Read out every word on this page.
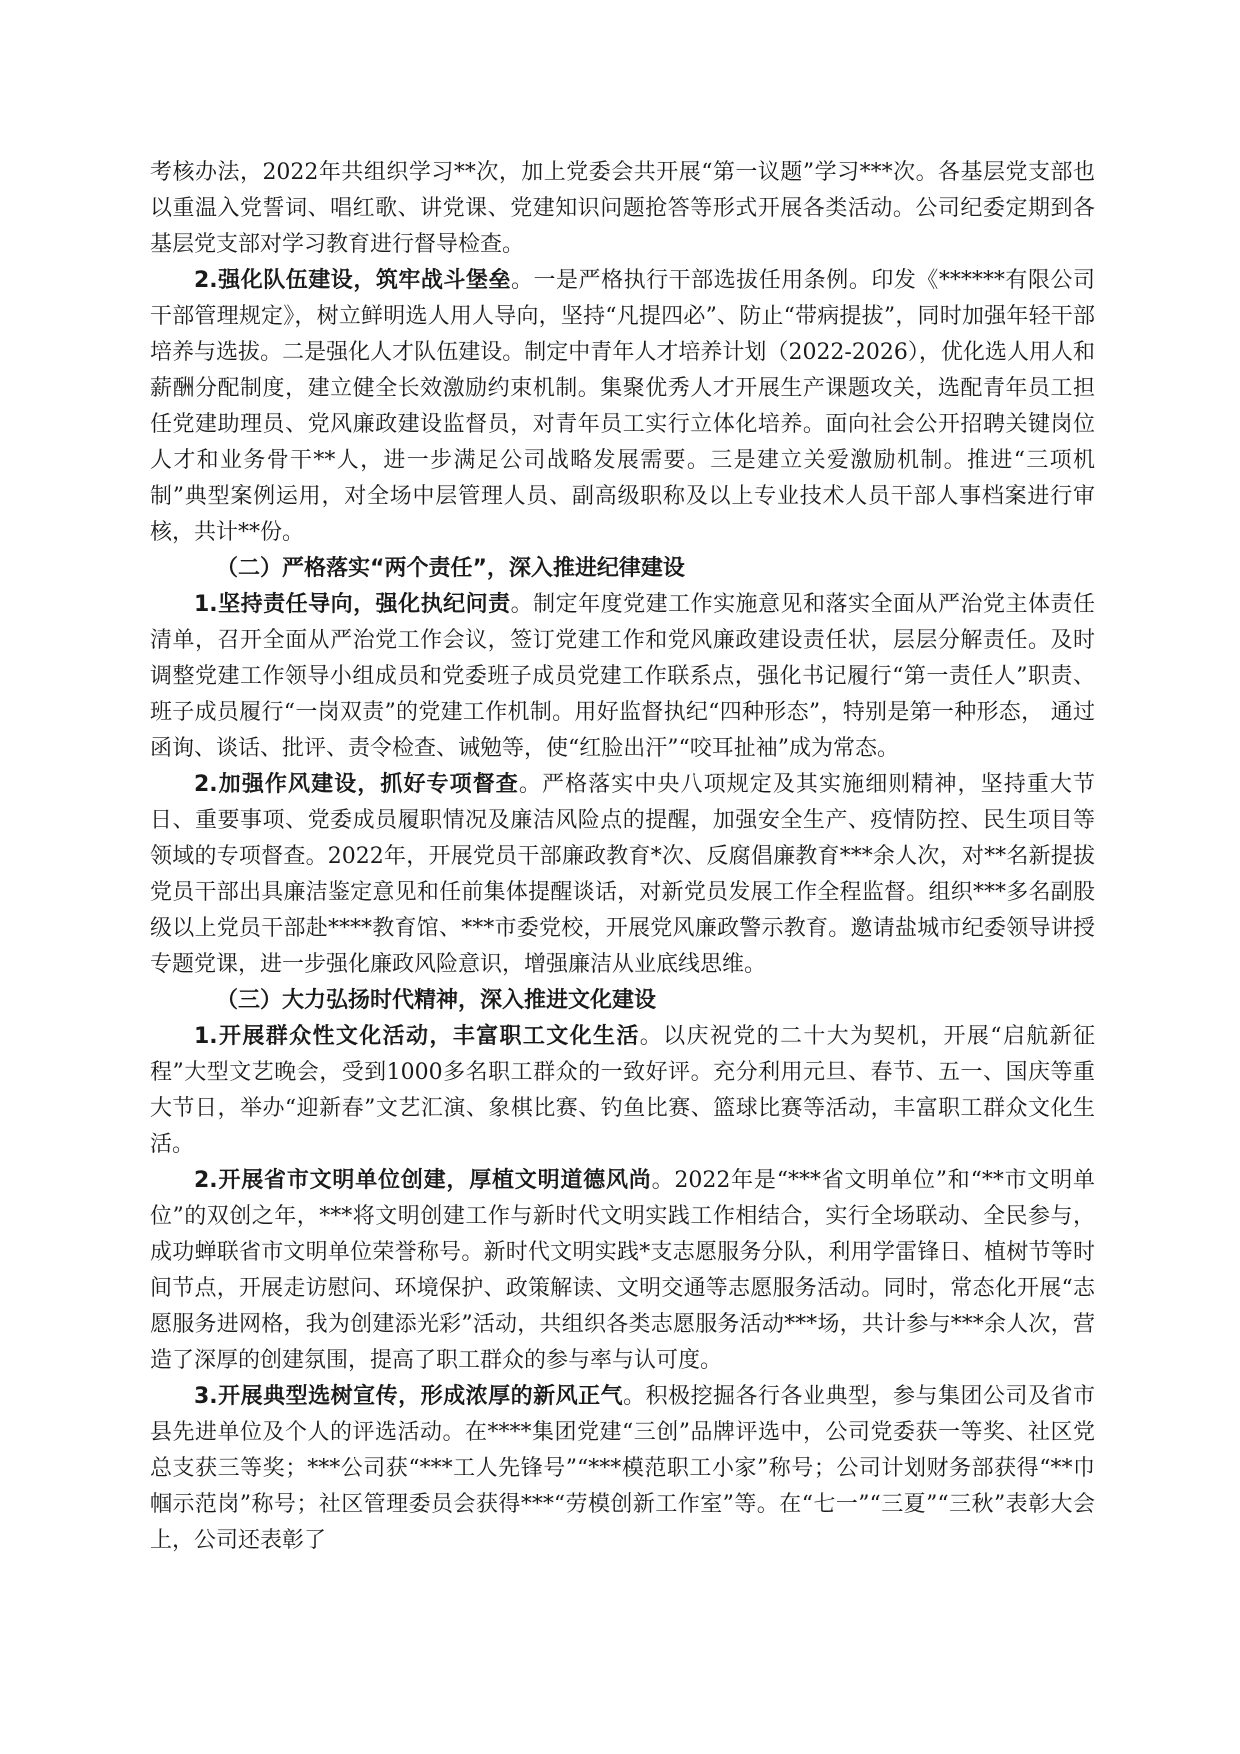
考核办法，2022年共组织学习**次，加上党委会共开展“第一议题”学习***次。各基层党支部也以重温入党誓词、唱红歌、讲党课、党建知识问题抢答等形式开展各类活动。公司纪委定期到各基层党支部对学习教育进行督导检查。

2.强化队伍建设，筑牢战斗堡垒。一是严格执行干部选拔任用条例。印发《******有限公司干部管理规定》，树立鲜明选人用人导向，坚持“凡提四必”、防止“带病提拔”，同时加强年轻干部培养与选拔。二是强化人才队伍建设。制定中青年人才培养计划（2022-2026），优化选人用人和薪酬分配制度，建立健全长效激励约束机制。集聚优秀人才开展生产课题攻关，选配青年员工担任党建助理员、党风廉政建设监督员，对青年员工实行立体化培养。面向社会公开招聘关键岗位人才和业务骨干**人，进一步满足公司战略发展需要。三是建立关爱激励机制。推进“三项机制”典型案例运用，对全场中层管理人员、副高级职称及以上专业技术人员干部人事档案进行审核，共计**份。

（二）严格落实“两个责任”，深入推进纪律建设

1.坚持责任导向，强化执纪问责。制定年度党建工作实施意见和落实全面从严治党主体责任清单，召开全面从严治党工作会议，签订党建工作和党风廉政建设责任状，层层分解责任。及时调整党建工作领导小组成员和党委班子成员党建工作联系点，强化书记履行“第一责任人”职责、班子成员履行“一岗双责”的党建工作机制。用好监督执纪“四种形态”，特别是第一种形态， 通过函询、谈话、批评、责令检查、诫勉等，使“红脸出汗”“咬耳扯袖”成为常态。

2.加强作风建设，抓好专项督查。严格落实中央八项规定及其实施细则精神，坚持重大节日、重要事项、党委成员履职情况及廉洁风险点的提醒，加强安全生产、疫情防控、民生项目等领域的专项督查。2022年，开展党员干部廉政教育*次、反腐倡廉教育***余人次，对**名新提拔党员干部出具廉洁鉴定意见和任前集体提醒谈话，对新党员发展工作全程监督。组织***多名副股级以上党员干部赴****教育馆、***市委党校，开展党风廉政警示教育。邀请盐城市纪委领导讲授专题党课，进一步强化廉政风险意识，增强廉洁从业底线思维。

（三）大力弘扬时代精神，深入推进文化建设

1.开展群众性文化活动，丰富职工文化生活。以庆祝党的二十大为契机，开展“启航新征程”大型文艺晚会，受到1000多名职工群众的一致好评。充分利用元旦、春节、五一、国庆等重大节日，举办“迎新春”文艺汇演、象棋比赛、钓鱼比赛、篮球比赛等活动，丰富职工群众文化生活。

2.开展省市文明单位创建，厚植文明道德风尚。2022年是“***省文明单位”和“**市文明单位”的双创之年，***将文明创建工作与新时代文明实践工作相结合，实行全场联动、全民参与，成功蝉联省市文明单位荣誉称号。新时代文明实践*支志愿服务分队，利用学雷锋日、植树节等时间节点，开展走访慰问、环境保护、政策解读、文明交通等志愿服务活动。同时，常态化开展“志愿服务进网格，我为创建添光彩”活动，共组织各类志愿服务活动***场，共计参与***余人次，营造了深厚的创建氛围，提高了职工群众的参与率与认可度。

3.开展典型选树宣传，形成浓厚的新风正气。积极挖掘各行各业典型，参与集团公司及省市县先进单位及个人的评选活动。在****集团党建“三创”品牌评选中，公司党委获一等奖、社区党总支获三等奖；***公司获“***工人先锋号”“***模范职工小家”称号；公司计划财务部获得“**巾帼示范岗”称号；社区管理委员会获得***“劳模创新工作室”等。在“七一”“三夏”“三秋”表彰大会上，公司还表彰了
